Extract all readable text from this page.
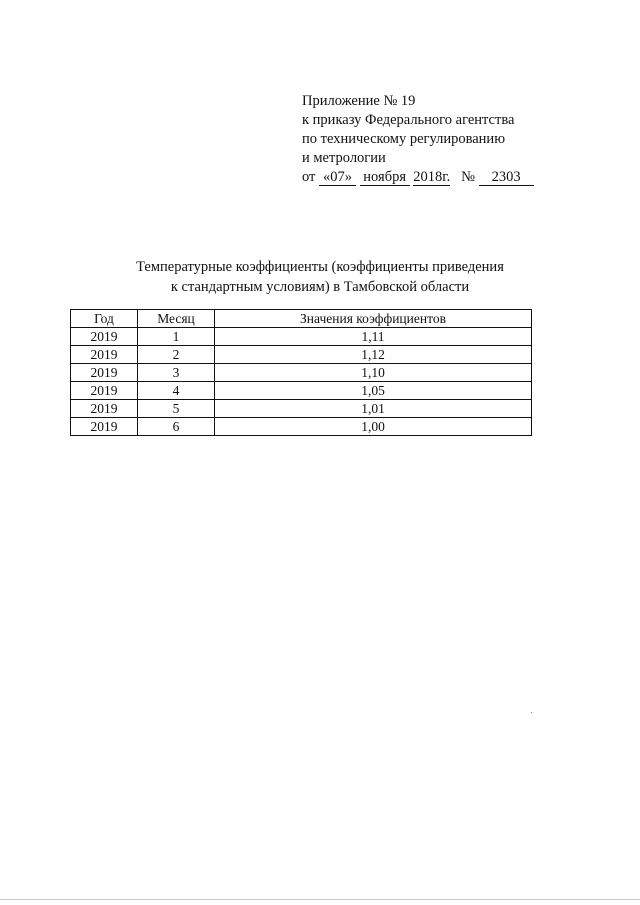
Приложение № 19
к приказу Федерального агентства
по техническому регулированию
и метрологии
от «07» ноября 2018г. № 2303
Температурные коэффициенты (коэффициенты приведения
к стандартным условиям) в Тамбовской области
Год	Месяц	Значения коэффициентов
2019	1	1,11
2019	2	1,12
2019	3	1,10
2019	4	1,05
2019	5	1,01
2019	6	1,00
